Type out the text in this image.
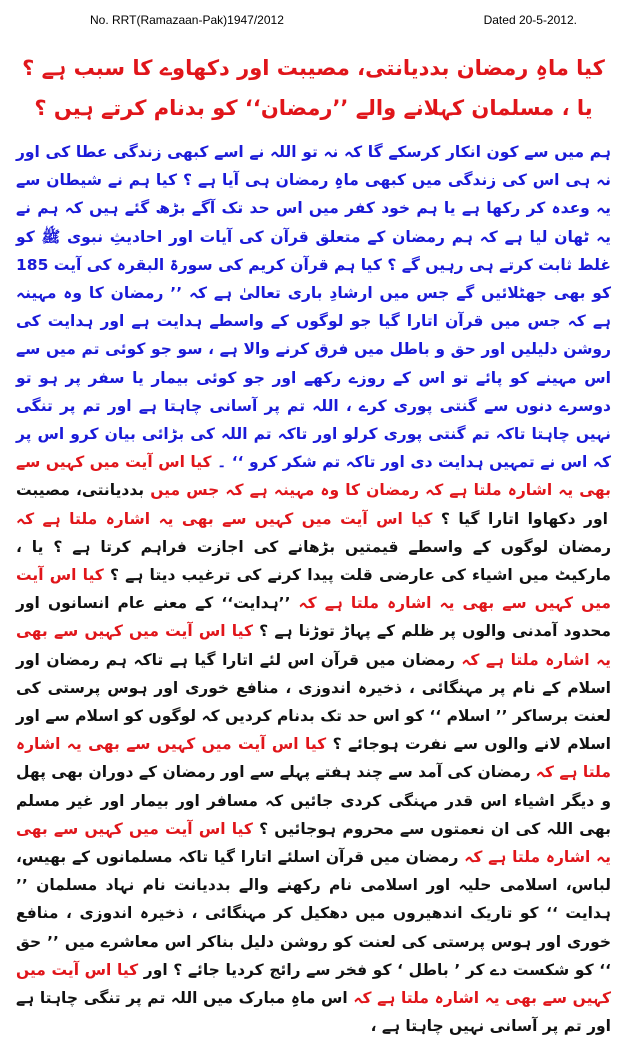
No. RRT(Ramazaan-Pak)1947/2012	Dated 20-5-2012.
کیا ماہِ رمضان بددیانتی، مصیبت اور دکھاوے کا سبب ہے ؟
یا ، مسلمان کہلانے والے ’’رمضان‘‘ کو بدنام کرتے ہیں ؟
ہم میں سے کون انکار کرسکے گا کہ نہ تو اللہ نے اسے کبھی زندگی عطا کی اور نہ ہی اس کی زندگی میں کبھی ماہِ رمضان ہی آیا ہے ؟ کیا ہم نے شیطان سے یہ وعدہ کر رکھا ہے یا ہم خود کفر میں اس حد تک آگے بڑھ گئے ہیں کہ ہم نے یہ ٹھان لیا ہے کہ ہم رمضان کے متعلق قرآن کی آیات اور احادیثِ نبوی ﷺ کو غلط ثابت کرتے ہی رہیں گے ؟ کیا ہم قرآن کریم کی سورۃ البقرہ کی آیت 185 کو بھی جھٹلائیں گے جس میں ارشادِ باری تعالیٰ ہے کہ ’’ رمضان کا وہ مہینہ ہے کہ جس میں قرآن اتارا گیا جو لوگوں کے واسطے ہدایت ہے اور ہدایت کی روشن دلیلیں اور حق و باطل میں فرق کرنے والا ہے ، سو جو کوئی تم میں سے اس مہینے کو پائے تو اس کے روزے رکھے اور جو کوئی بیمار یا سفر پر ہو تو دوسرے دنوں سے گنتی پوری کرے ، اللہ تم پر آسانی چاہتا ہے اور تم پر تنگی نہیں چاہتا تاکہ تم گنتی پوری کرلو اور تاکہ تم اللہ کی بڑائی بیان کرو اس پر کہ اس نے تمہیں ہدایت دی اور تاکہ تم شکر کرو ‘‘ ۔ کیا اس آیت میں کہیں سے بھی یہ اشارہ ملتا ہے کہ رمضان کا وہ مہینہ ہے کہ جس میں بددیانتی، مصیبت اور دکھاوا اتارا گیا ؟ کیا اس آیت میں کہیں سے بھی یہ اشارہ ملتا ہے کہ رمضان لوگوں کے واسطے قیمتیں بڑھانے کی اجازت فراہم کرتا ہے ؟ یا ، مارکیٹ میں اشیاء کی عارضی قلت پیدا کرنے کی ترغیب دیتا ہے ؟ کیا اس آیت میں کہیں سے بھی یہ اشارہ ملتا ہے کہ ’’ہدایت‘‘ کے معنے عام انسانوں اور محدود آمدنی والوں پر ظلم کے پہاڑ توڑنا ہے ؟ کیا اس آیت میں کہیں سے بھی یہ اشارہ ملتا ہے کہ رمضان میں قرآن اس لئے اتارا گیا ہے تاکہ ہم رمضان اور اسلام کے نام پر مہنگائی ، ذخیرہ اندوزی ، منافع خوری اور ہوس پرستی کی لعنت برساکر ’’ اسلام ‘‘ کو اس حد تک بدنام کردیں کہ لوگوں کو اسلام سے اور اسلام لانے والوں سے نفرت ہوجائے ؟ کیا اس آیت میں کہیں سے بھی یہ اشارہ ملتا ہے کہ رمضان کی آمد سے چند ہفتے پہلے سے اور رمضان کے دوران بھی پھل و دیگر اشیاء اس قدر مہنگی کردی جائیں کہ مسافر اور بیمار اور غیر مسلم بھی اللہ کی ان نعمتوں سے محروم ہوجائیں ؟ کیا اس آیت میں کہیں سے بھی یہ اشارہ ملتا ہے کہ رمضان میں قرآن اسلئے اتارا گیا تاکہ مسلمانوں کے بھیس، لباس، اسلامی حلیہ اور اسلامی نام رکھنے والے بددیانت نام نہاد مسلمان ’’ ہدایت ‘‘ کو تاریک اندھیروں میں دھکیل کر مہنگائی ، ذخیرہ اندوزی ، منافع خوری اور ہوس پرستی کی لعنت کو روشن دلیل بناکر اس معاشرے میں ’’ حق ‘‘ کو شکست دے کر ’ باطل ‘ کو فخر سے رائج کردیا جائے ؟ اور کیا اس آیت میں کہیں سے بھی یہ اشارہ ملتا ہے کہ اس ماہِ مبارک میں اللہ تم پر تنگی چاہتا ہے اور تم پر آسانی نہیں چاہتا ہے ،
